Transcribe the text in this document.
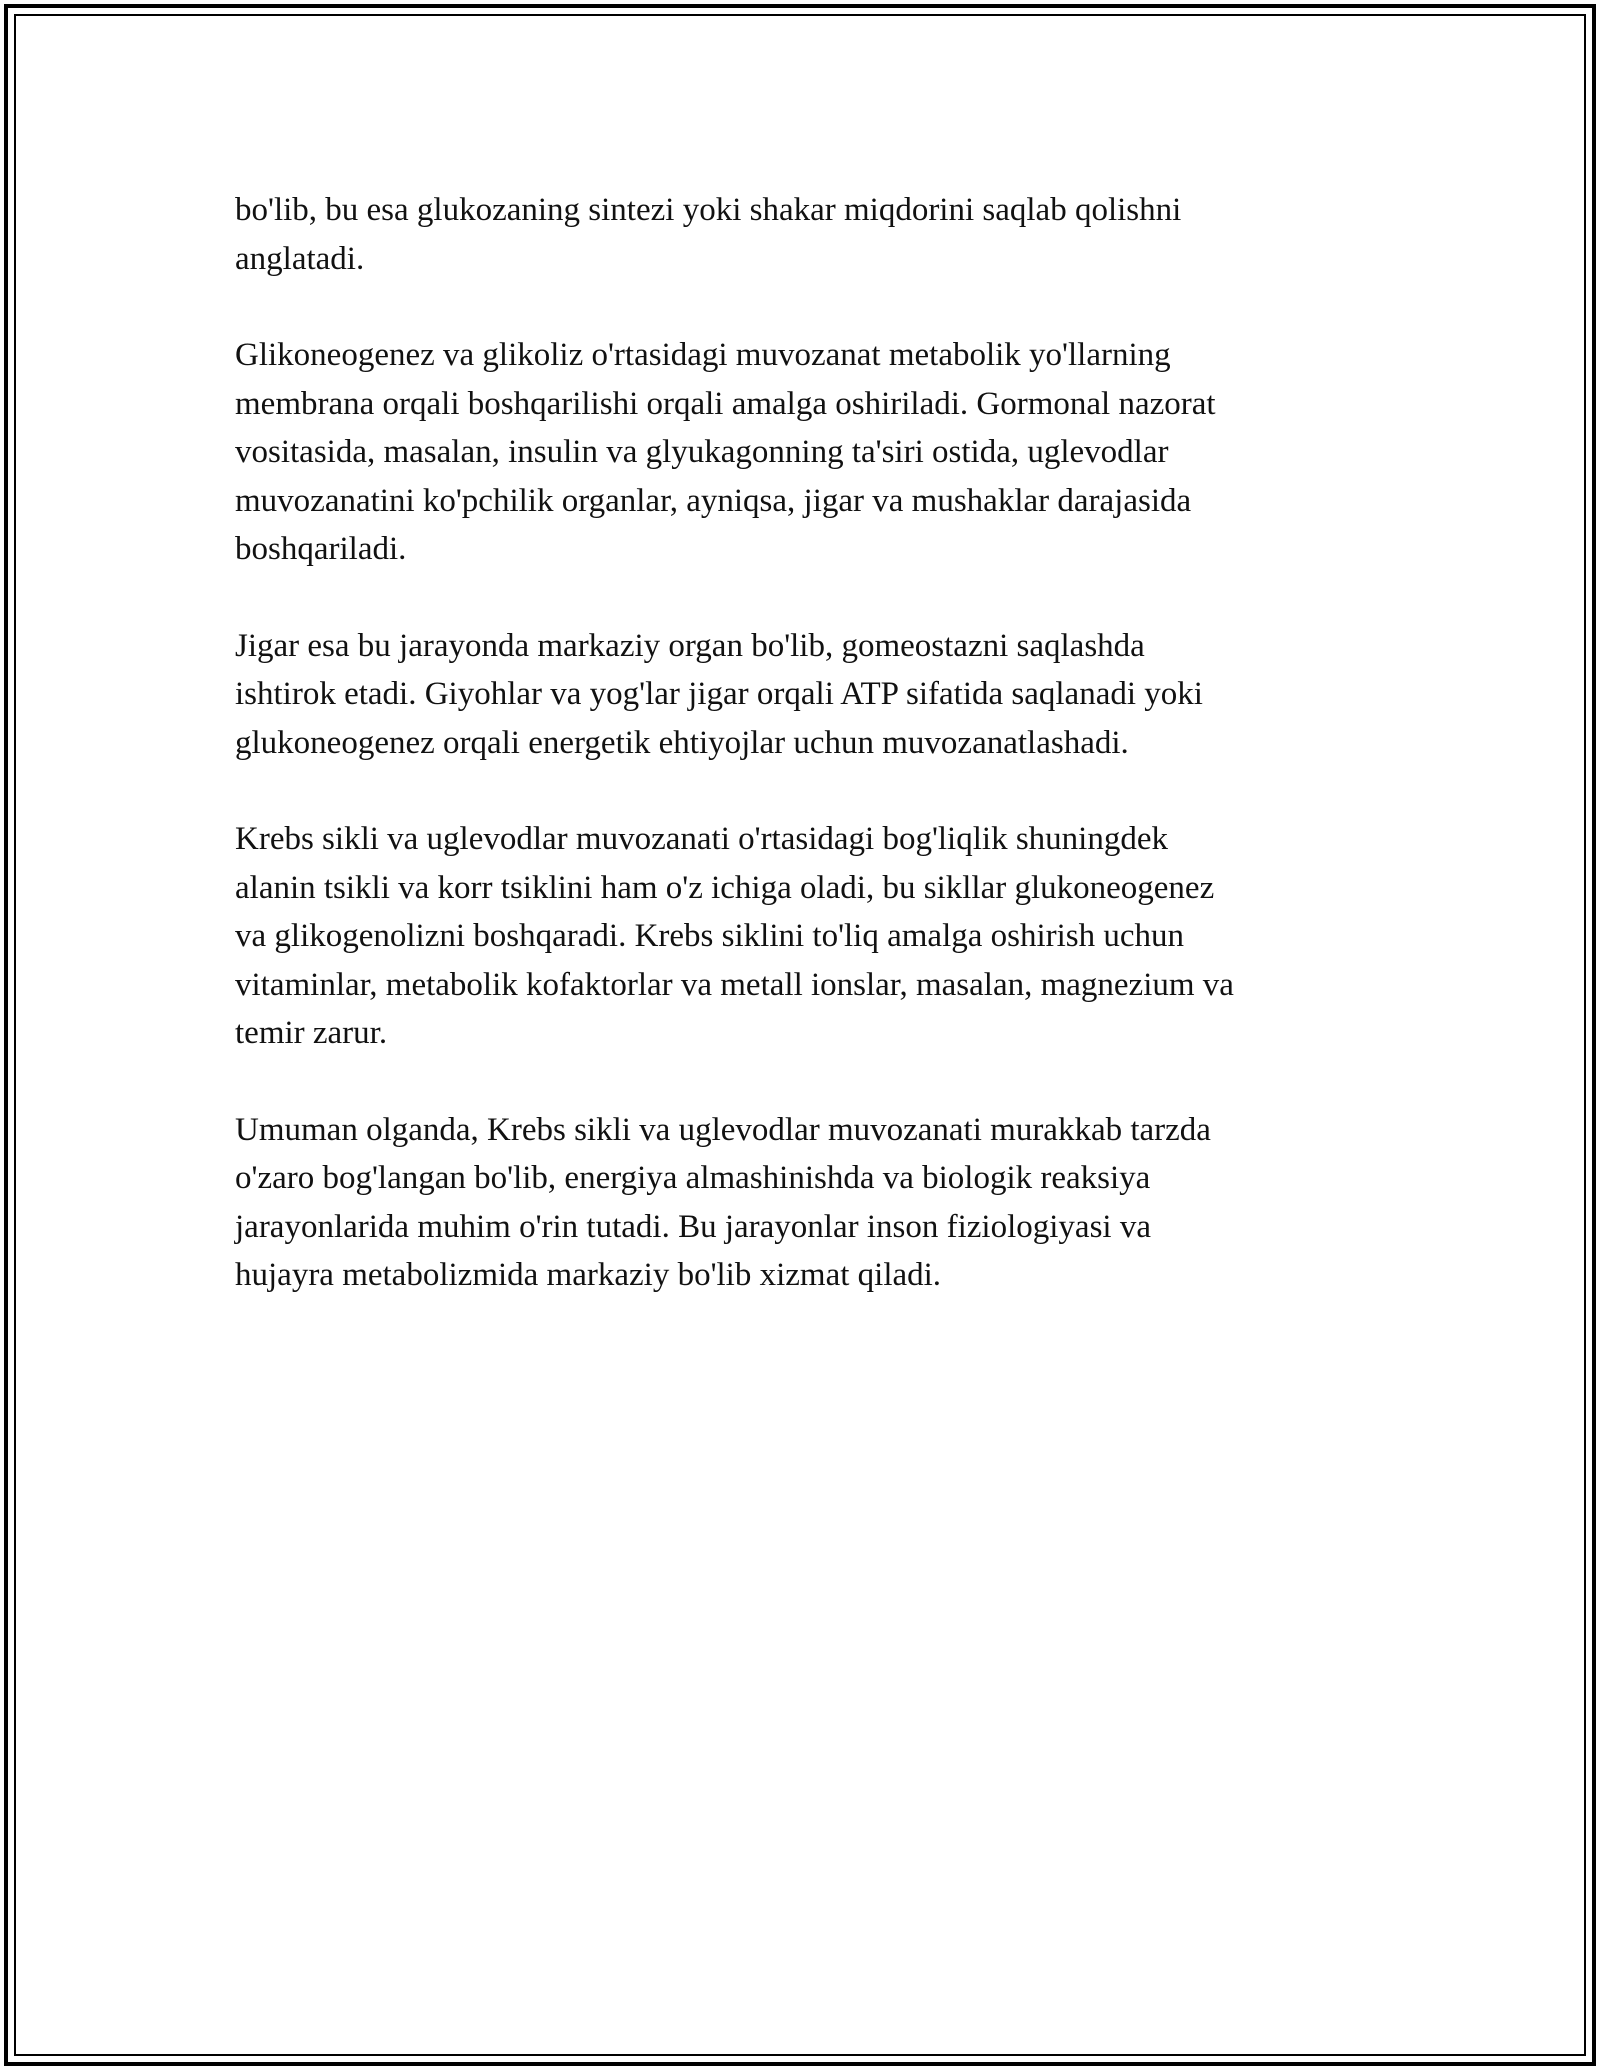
bo'lib, bu esa glukozaning sintezi yoki shakar miqdorini saqlab qolishni
anglatadi.

Glikoneogenez va glikoliz o'rtasidagi muvozanat metabolik yo'llarning
membrana orqali boshqarilishi orqali amalga oshiriladi. Gormonal nazorat
vositasida, masalan, insulin va glyukagonning ta'siri ostida, uglevodlar
muvozanatini ko'pchilik organlar, ayniqsa, jigar va mushaklar darajasida
boshqariladi.

Jigar esa bu jarayonda markaziy organ bo'lib, gomeostazni saqlashda
ishtirok etadi. Giyohlar va yog'lar jigar orqali ATP sifatida saqlanadi yoki
glukoneogenez orqali energetik ehtiyojlar uchun muvozanatlashadi.

Krebs sikli va uglevodlar muvozanati o'rtasidagi bog'liqlik shuningdek
alanin tsikli va korr tsiklini ham o'z ichiga oladi, bu sikllar glukoneogenez
va glikogenolizni boshqaradi. Krebs siklini to'liq amalga oshirish uchun
vitaminlar, metabolik kofaktorlar va metall ionslar, masalan, magnezium va
temir zarur.

Umuman olganda, Krebs sikli va uglevodlar muvozanati murakkab tarzda
o'zaro bog'langan bo'lib, energiya almashinishda va biologik reaksiya
jarayonlarida muhim o'rin tutadi. Bu jarayonlar inson fiziologiyasi va
hujayra metabolizmida markaziy bo'lib xizmat qiladi.
